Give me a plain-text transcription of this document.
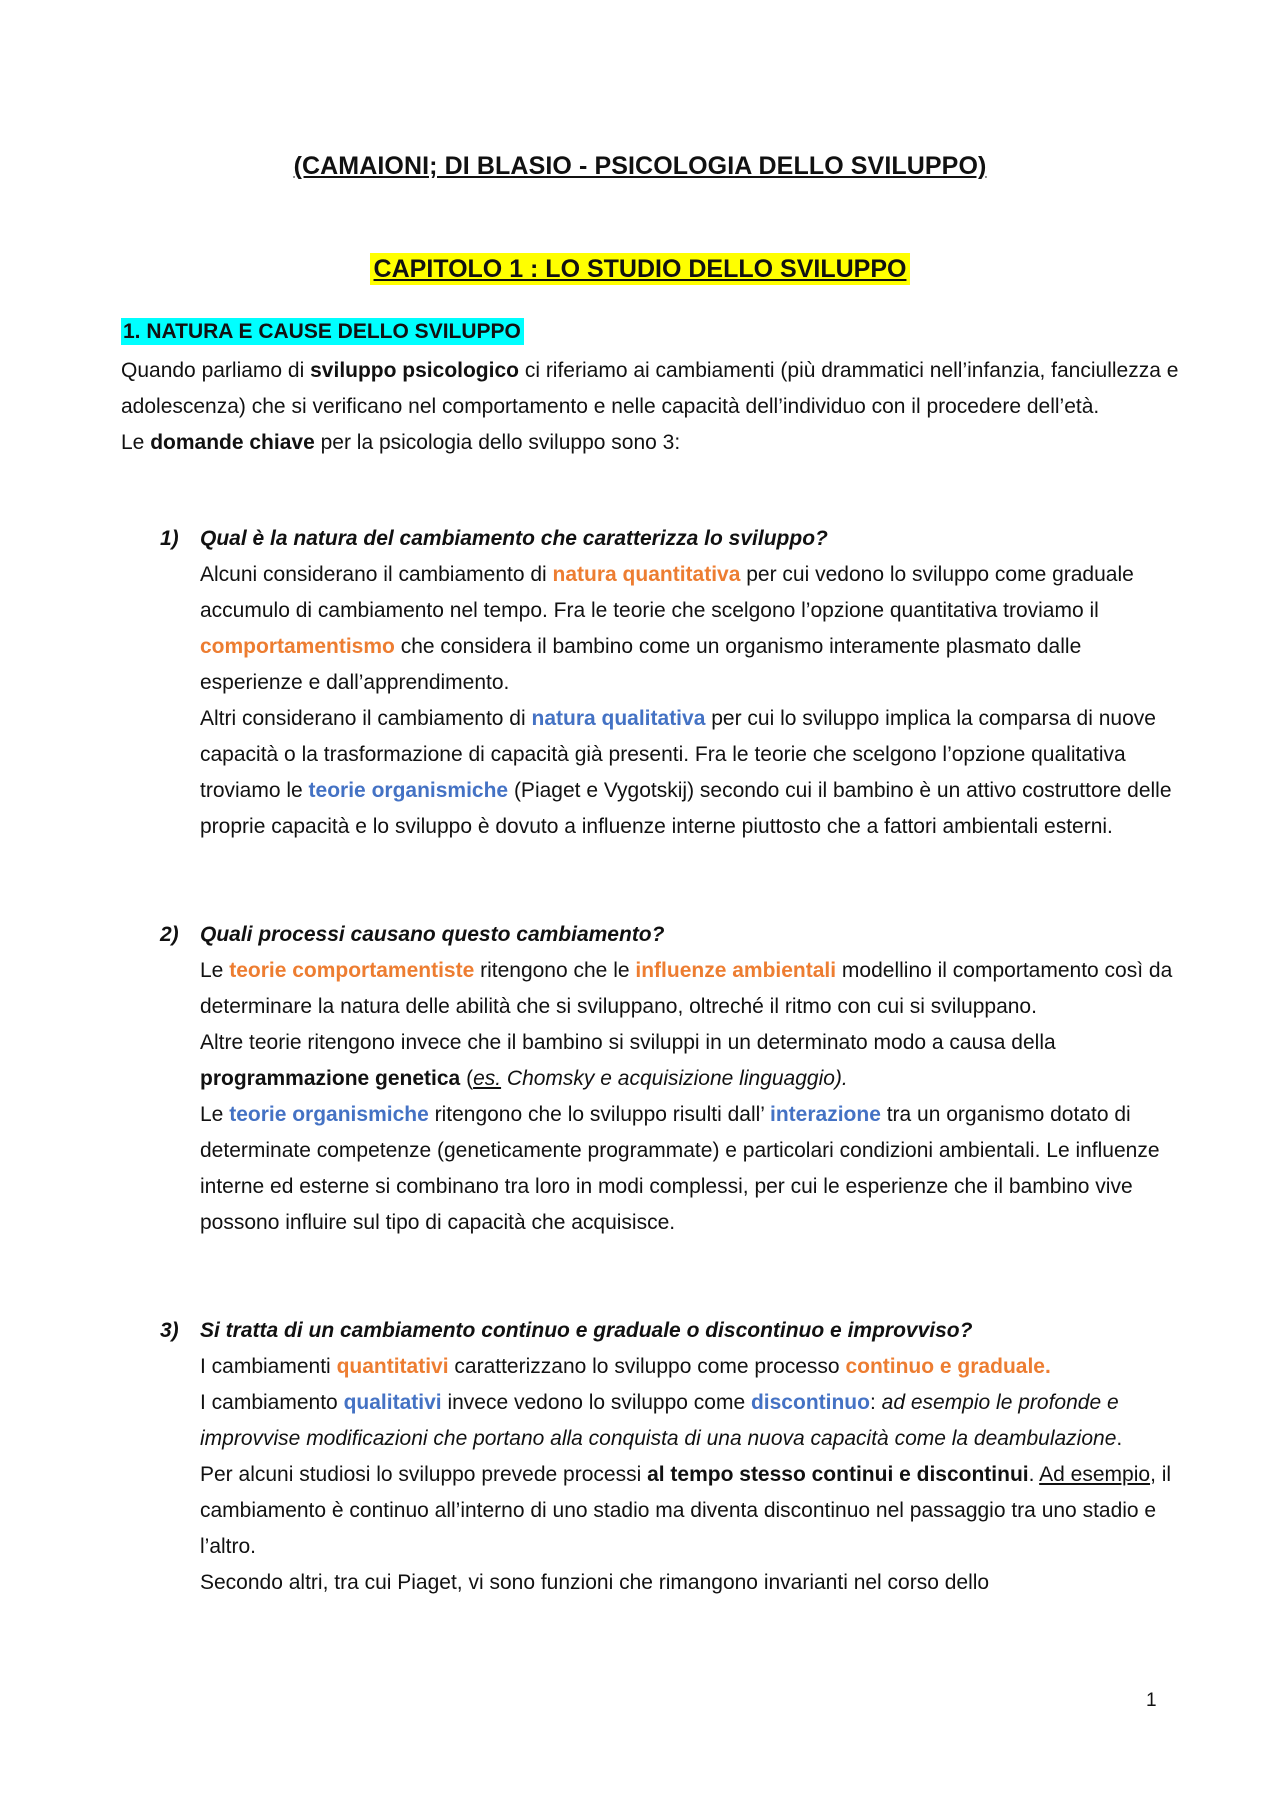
(CAMAIONI; DI BLASIO - PSICOLOGIA DELLO SVILUPPO)
CAPITOLO 1 : LO STUDIO DELLO SVILUPPO
1. NATURA E CAUSE DELLO SVILUPPO

Quando parliamo di sviluppo psicologico ci riferiamo ai cambiamenti (più drammatici nell’infanzia, fanciullezza e adolescenza) che si verificano nel comportamento e nelle capacità dell’individuo con il procedere dell’età.

Le domande chiave per la psicologia dello sviluppo sono 3:

1)	Qual è la natura del cambiamento che caratterizza lo sviluppo?

Alcuni considerano il cambiamento di natura quantitativa per cui vedono lo sviluppo come graduale accumulo di cambiamento nel tempo. Fra le teorie che scelgono l’opzione quantitativa troviamo il comportamentismo che considera il bambino come un organismo interamente plasmato dalle esperienze e dall’apprendimento.

Altri considerano il cambiamento di natura qualitativa per cui lo sviluppo implica la comparsa di nuove capacità o la trasformazione di capacità già presenti. Fra le teorie che scelgono l’opzione qualitativa troviamo le teorie organismiche (Piaget e Vygotskij) secondo cui il bambino è un attivo costruttore delle proprie capacità e lo sviluppo è dovuto a influenze interne piuttosto che a fattori ambientali esterni.

2)	Quali processi causano questo cambiamento?

Le teorie comportamentiste ritengono che le influenze ambientali modellino il comportamento così da determinare la natura delle abilità che si sviluppano, oltreché il ritmo con cui si sviluppano.

Altre teorie ritengono invece che il bambino si sviluppi in un determinato modo a causa della programmazione genetica (es. Chomsky e acquisizione linguaggio).

Le teorie organismiche ritengono che lo sviluppo risulti dall’ interazione tra un organismo dotato di determinate competenze (geneticamente programmate) e particolari condizioni ambientali. Le influenze interne ed esterne si combinano tra loro in modi complessi, per cui le esperienze che il bambino vive possono influire sul tipo di capacità che acquisisce.

3)	Si tratta di un cambiamento continuo e graduale o discontinuo e improvviso?

I cambiamenti quantitativi caratterizzano lo sviluppo come processo continuo e graduale.

I cambiamento qualitativi invece vedono lo sviluppo come discontinuo: ad esempio le profonde e improvvise modificazioni che portano alla conquista di una nuova capacità come la deambulazione.

Per alcuni studiosi lo sviluppo prevede processi al tempo stesso continui e discontinui. Ad esempio, il cambiamento è continuo all’interno di uno stadio ma diventa discontinuo nel passaggio tra uno stadio e l’altro.

Secondo altri, tra cui Piaget, vi sono funzioni che rimangono invarianti nel corso dello

1
